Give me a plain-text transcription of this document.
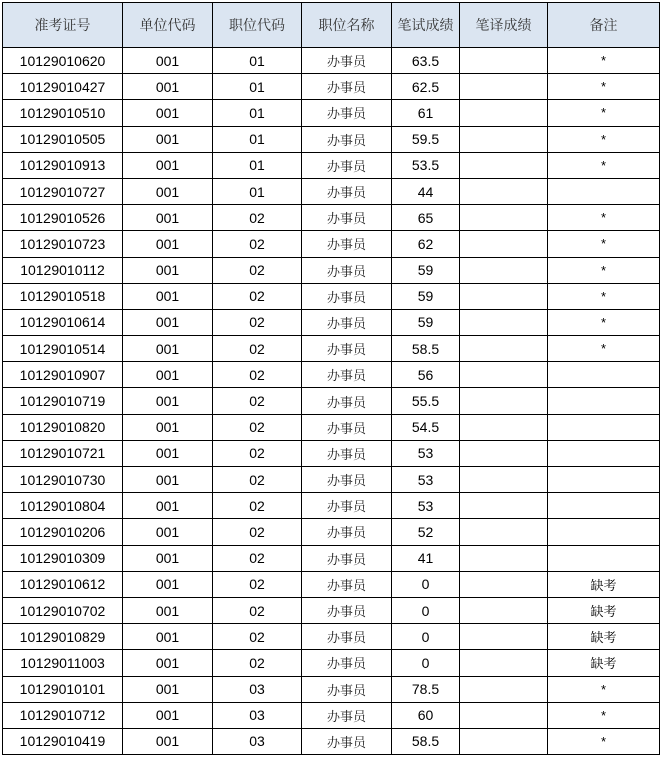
准考证号	单位代码	职位代码	职位名称	笔试成绩	笔译成绩	备注
10129010620	001	01	办事员	63.5		*
10129010427	001	01	办事员	62.5		*
10129010510	001	01	办事员	61		*
10129010505	001	01	办事员	59.5		*
10129010913	001	01	办事员	53.5		*
10129010727	001	01	办事员	44		
10129010526	001	02	办事员	65		*
10129010723	001	02	办事员	62		*
10129010112	001	02	办事员	59		*
10129010518	001	02	办事员	59		*
10129010614	001	02	办事员	59		*
10129010514	001	02	办事员	58.5		*
10129010907	001	02	办事员	56		
10129010719	001	02	办事员	55.5		
10129010820	001	02	办事员	54.5		
10129010721	001	02	办事员	53		
10129010730	001	02	办事员	53		
10129010804	001	02	办事员	53		
10129010206	001	02	办事员	52		
10129010309	001	02	办事员	41		
10129010612	001	02	办事员	0		缺考
10129010702	001	02	办事员	0		缺考
10129010829	001	02	办事员	0		缺考
10129011003	001	02	办事员	0		缺考
10129010101	001	03	办事员	78.5		*
10129010712	001	03	办事员	60		*
10129010419	001	03	办事员	58.5		*
